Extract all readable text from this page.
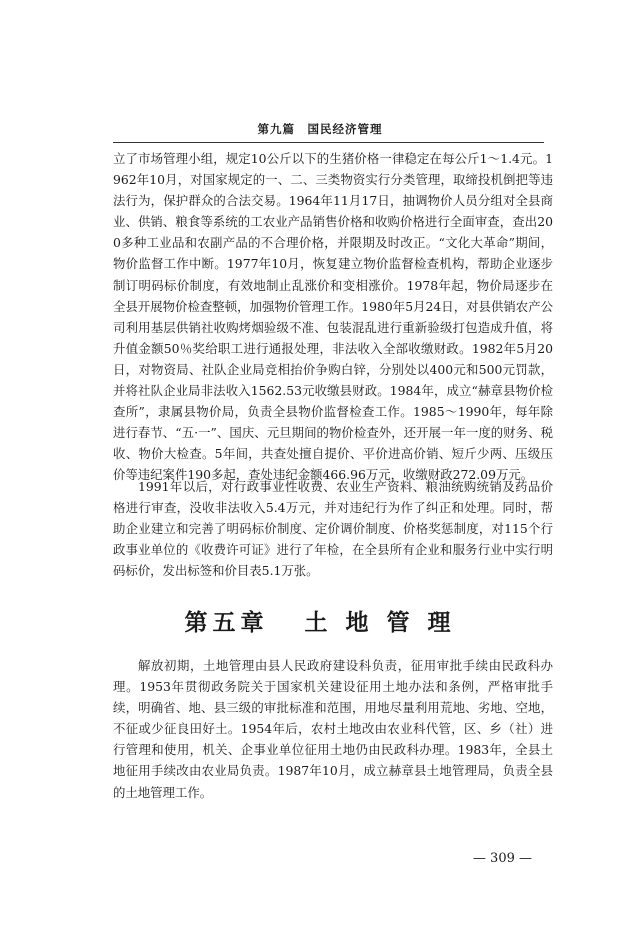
第九篇　国民经济管理

立了市场管理小组，规定10公斤以下的生猪价格一律稳定在每公斤1～1.4元。1962年10月，对国家规定的一、二、三类物资实行分类管理，取缔投机倒把等违法行为，保护群众的合法交易。1964年11月17日，抽调物价人员分组对全县商业、供销、粮食等系统的工农业产品销售价格和收购价格进行全面审查，查出200多种工业品和农副产品的不合理价格，并限期及时改正。“文化大革命”期间，物价监督工作中断。1977年10月，恢复建立物价监督检查机构，帮助企业逐步制订明码标价制度，有效地制止乱涨价和变相涨价。1978年起，物价局逐步在全县开展物价检查整顿，加强物价管理工作。1980年5月24日，对县供销农产公司利用基层供销社收购烤烟验级不准、包装混乱进行重新验级打包造成升值，将升值金额50％奖给职工进行通报处理，非法收入全部收缴财政。1982年5月20日，对物资局、社队企业局竞相抬价争购白锌，分别处以400元和500元罚款，并将社队企业局非法收入1562.53元收缴县财政。1984年，成立“赫章县物价检查所”，隶属县物价局，负责全县物价监督检查工作。1985～1990年，每年除进行春节、“五·一”、国庆、元旦期间的物价检查外，还开展一年一度的财务、税收、物价大检查。5年间，共查处擅自提价、平价进高价销、短斤少两、压级压价等违纪案件190多起，查处违纪金额466.96万元，收缴财政272.09万元。

1991年以后，对行政事业性收费、农业生产资料、粮油统购统销及药品价格进行审查，没收非法收入5.4万元，并对违纪行为作了纠正和处理。同时，帮助企业建立和完善了明码标价制度、定价调价制度、价格奖惩制度，对115个行政事业单位的《收费许可证》进行了年检，在全县所有企业和服务行业中实行明码标价，发出标签和价目表5.1万张。

第五章 土 地 管 理

解放初期，土地管理由县人民政府建设科负责，征用审批手续由民政科办理。1953年贯彻政务院关于国家机关建设征用土地办法和条例，严格审批手续，明确省、地、县三级的审批标准和范围，用地尽量利用荒地、劣地、空地，不征或少征良田好土。1954年后，农村土地改由农业科代管，区、乡（社）进行管理和使用，机关、企事业单位征用土地仍由民政科办理。1983年，全县土地征用手续改由农业局负责。1987年10月，成立赫章县土地管理局，负责全县的土地管理工作。

— 309 —
